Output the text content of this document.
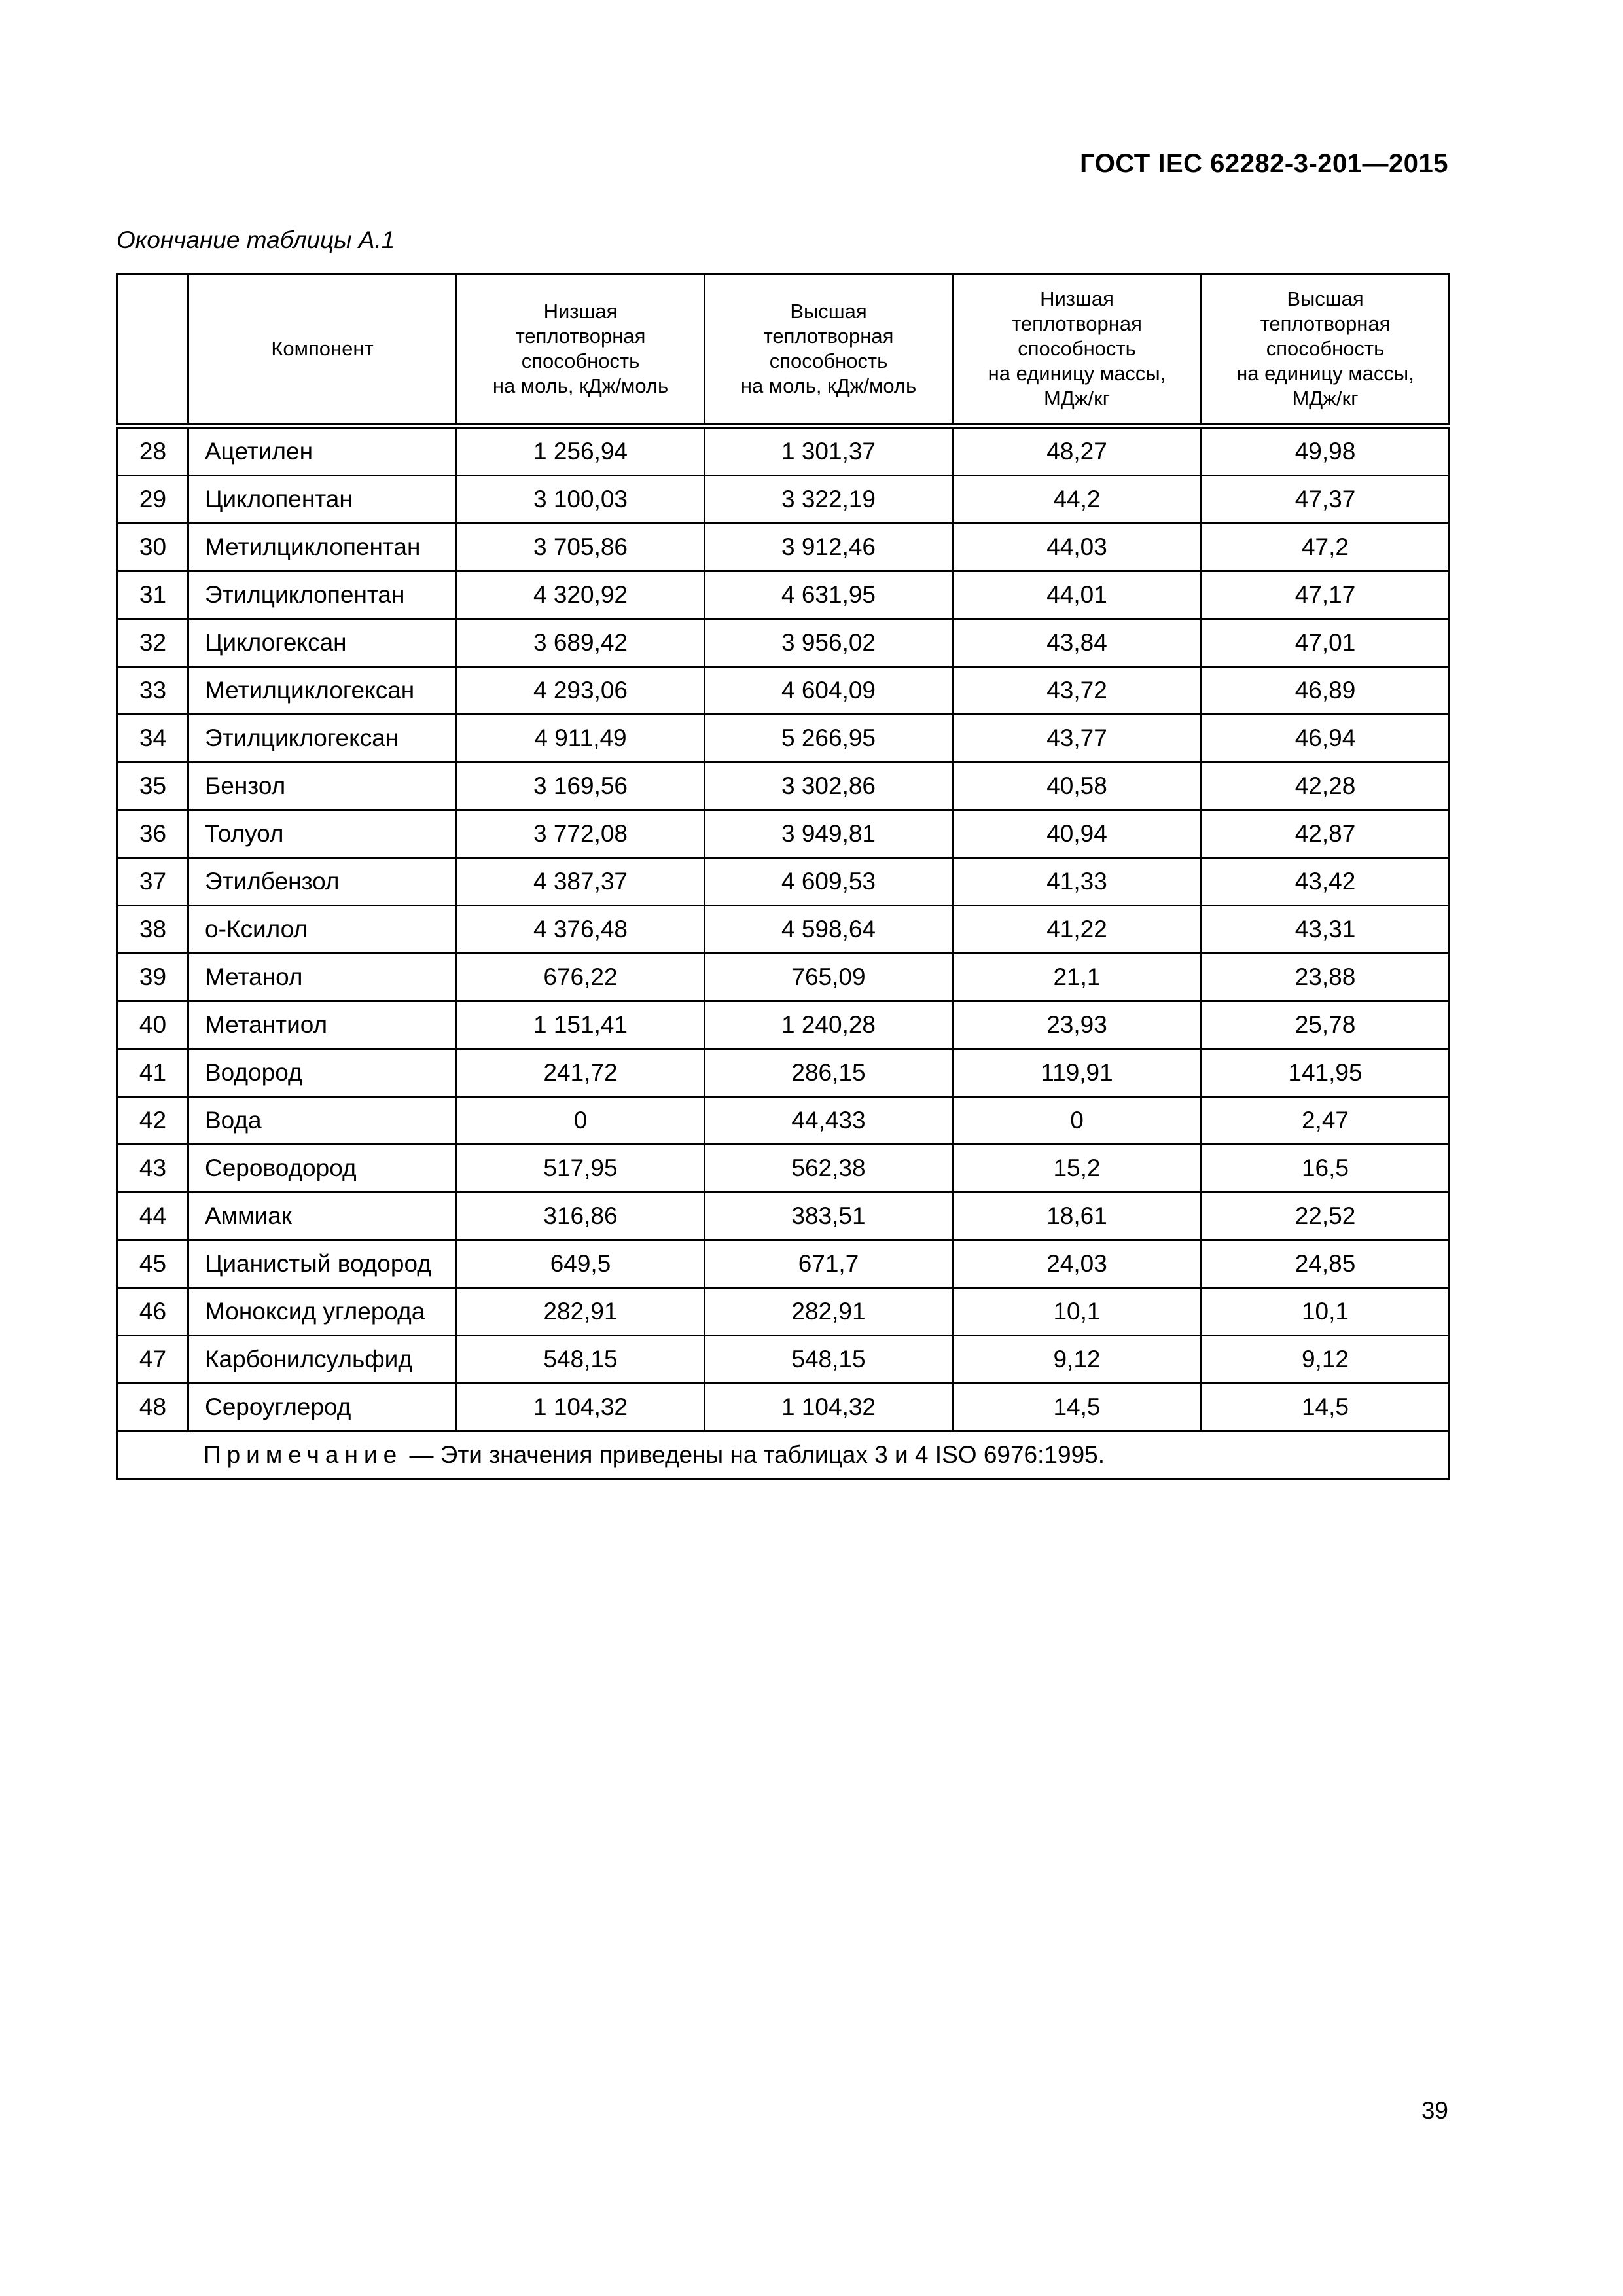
ГОСТ IEC 62282-3-201—2015
Окончание таблицы А.1
	Компонент	Низшая
теплотворная
способность
на моль, кДж/моль	Высшая
теплотворная
способность
на моль, кДж/моль	Низшая
теплотворная
способность
на единицу массы,
МДж/кг	Высшая
теплотворная
способность
на единицу массы,
МДж/кг
28	Ацетилен	1 256,94	1 301,37	48,27	49,98
29	Циклопентан	3 100,03	3 322,19	44,2	47,37
30	Метилциклопентан	3 705,86	3 912,46	44,03	47,2
31	Этилциклопентан	4 320,92	4 631,95	44,01	47,17
32	Циклогексан	3 689,42	3 956,02	43,84	47,01
33	Метилциклогексан	4 293,06	4 604,09	43,72	46,89
34	Этилциклогексан	4 911,49	5 266,95	43,77	46,94
35	Бензол	3 169,56	3 302,86	40,58	42,28
36	Толуол	3 772,08	3 949,81	40,94	42,87
37	Этилбензол	4 387,37	4 609,53	41,33	43,42
38	о-Ксилол	4 376,48	4 598,64	41,22	43,31
39	Метанол	676,22	765,09	21,1	23,88
40	Метантиол	1 151,41	1 240,28	23,93	25,78
41	Водород	241,72	286,15	119,91	141,95
42	Вода	0	44,433	0	2,47
43	Сероводород	517,95	562,38	15,2	16,5
44	Аммиак	316,86	383,51	18,61	22,52
45	Цианистый водород	649,5	671,7	24,03	24,85
46	Моноксид углерода	282,91	282,91	10,1	10,1
47	Карбонилсульфид	548,15	548,15	9,12	9,12
48	Сероуглерод	1 104,32	1 104,32	14,5	14,5
Примечание — Эти значения приведены на таблицах 3 и 4 ISO 6976:1995.					
39
